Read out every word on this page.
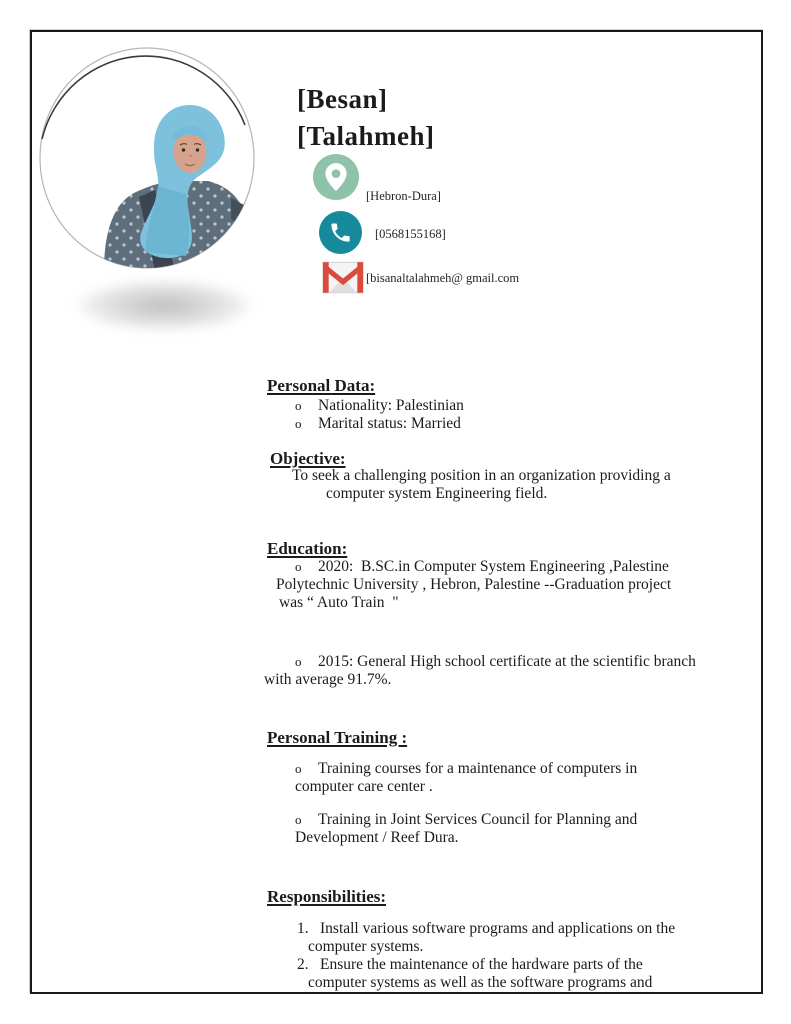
[Besan]
[Talahmeh]
[Hebron-Dura]
[0568155168]
[bisanaltalahmeh@ gmail.com
Personal Data:
o Nationality: Palestinian
o Marital status: Married
Objective:
To seek a challenging position in an organization providing a
computer system Engineering field.
Education:
o 2020:  B.SC.in Computer System Engineering ,Palestine
Polytechnic University , Hebron, Palestine --Graduation project
was “ Auto Train  "
o 2015: General High school certificate at the scientific branch
with average 91.7%.
Personal Training :
o Training courses for a maintenance of computers in
computer care center .
o Training in Joint Services Council for Planning and
Development / Reef Dura.
Responsibilities:
1. Install various software programs and applications on the
computer systems.
2. Ensure the maintenance of the hardware parts of the
computer systems as well as the software programs and
